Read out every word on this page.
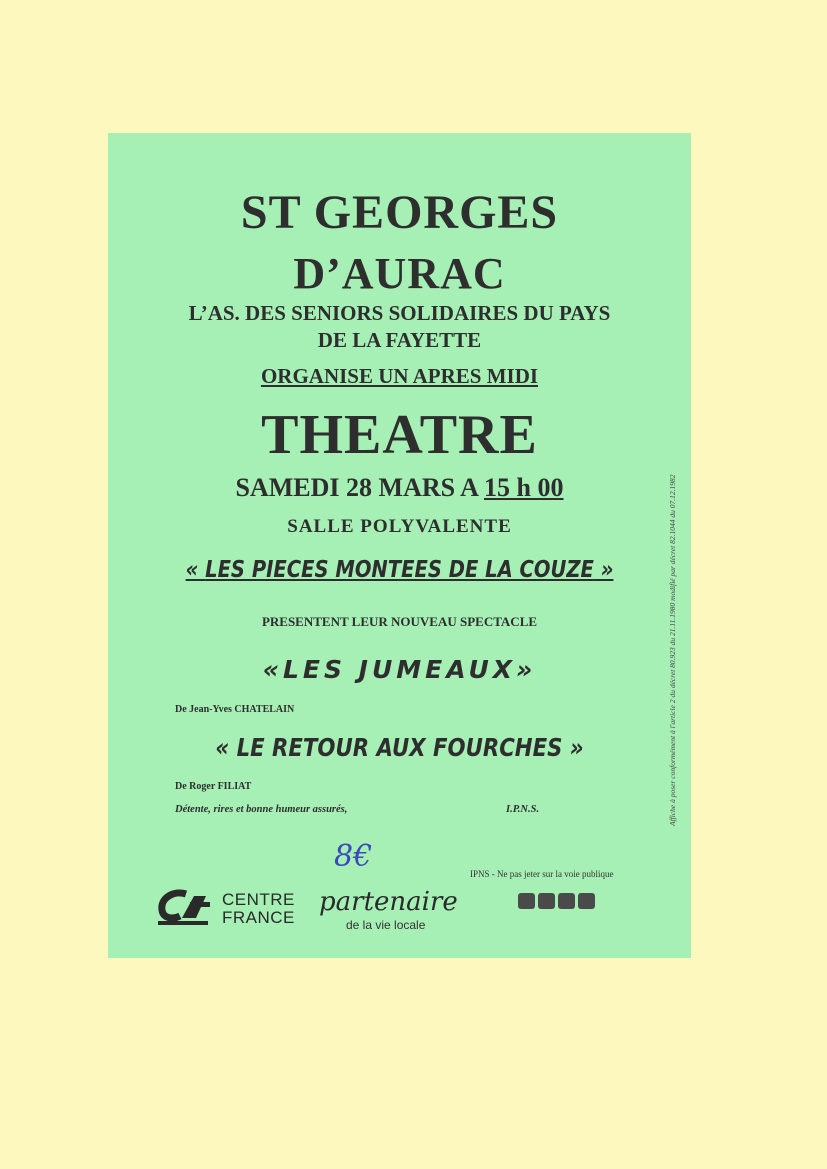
ST GEORGES
D’AURAC
L’AS. DES SENIORS SOLIDAIRES DU PAYS
DE LA FAYETTE
ORGANISE UN APRES MIDI
THEATRE
SAMEDI 28 MARS A 15 h 00
SALLE POLYVALENTE
« LES PIECES MONTEES DE LA COUZE »
PRESENTENT LEUR NOUVEAU SPECTACLE
«LES JUMEAUX»
De Jean-Yves CHATELAIN
« LE RETOUR AUX FOURCHES »
De Roger FILIAT
Détente, rires et bonne humeur assurés,	I.P.N.S.
8€	IPNS - Ne pas jeter sur la voie publique
CENTRE
FRANCE
partenaire
de la vie locale
Affiche à poser conformément à l'article 2 du décret 80.923 du 21.11.1980 modifié par décret 82.1044 du 07.12.1982
